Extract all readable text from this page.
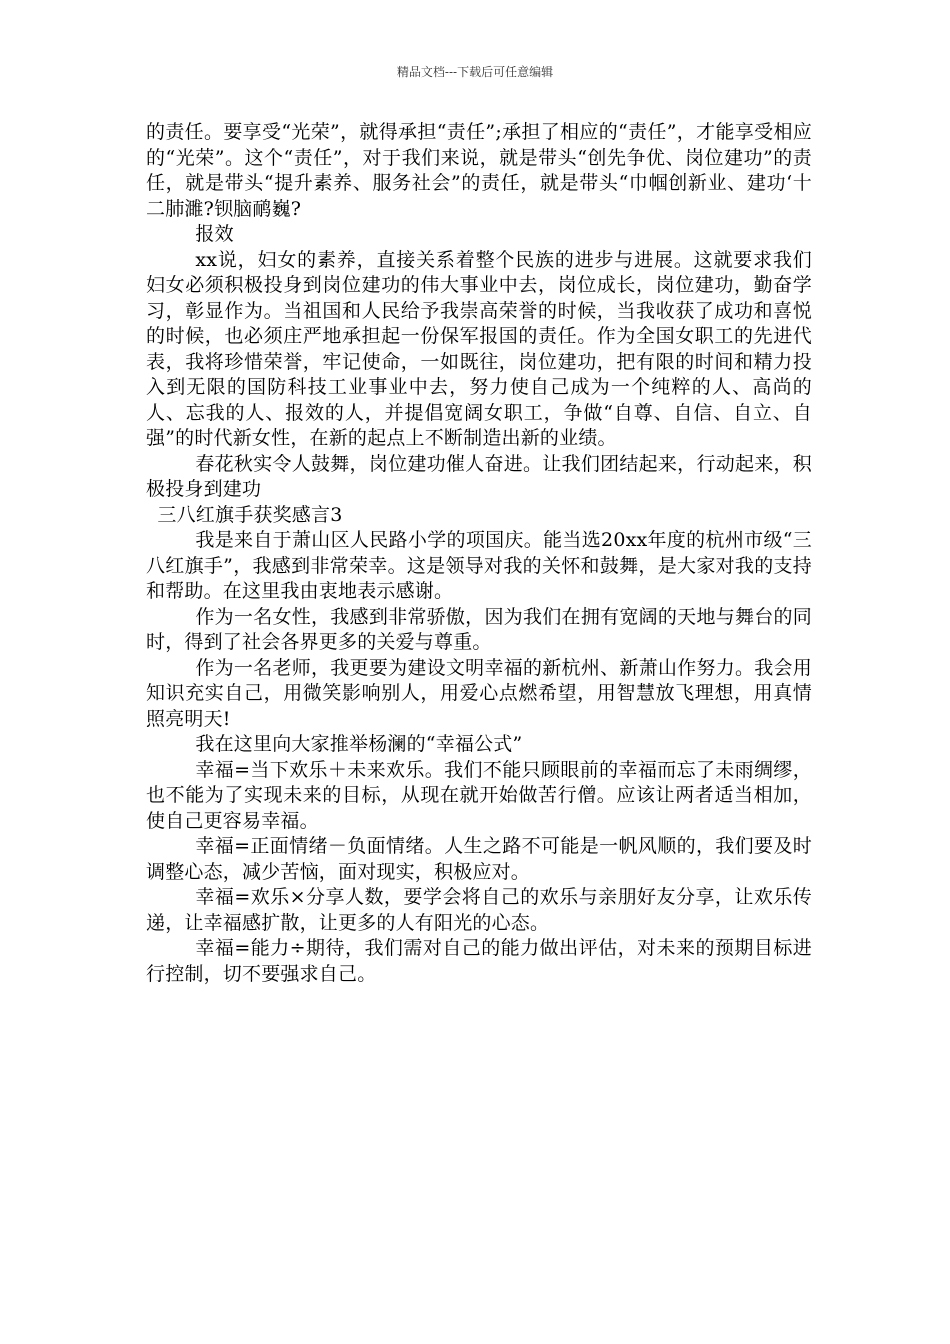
精品文档---下载后可任意编辑

的责任。要享受“光荣”，就得承担“责任”;承担了相应的“责任”，才能享受相应的“光荣”。这个“责任”，对于我们来说，就是带头“创先争优、岗位建功”的责任，就是带头“提升素养、服务社会”的责任，就是带头“巾帼创新业、建功‘十二肺濉?钡脑鸸巍?

报效

xx说，妇女的素养，直接关系着整个民族的进步与进展。这就要求我们妇女必须积极投身到岗位建功的伟大事业中去，岗位成长，岗位建功，勤奋学习，彰显作为。当祖国和人民给予我崇高荣誉的时候，当我收获了成功和喜悦的时候，也必须庄严地承担起一份保军报国的责任。作为全国女职工的先进代表，我将珍惜荣誉，牢记使命，一如既往，岗位建功，把有限的时间和精力投入到无限的国防科技工业事业中去，努力使自己成为一个纯粹的人、高尚的人、忘我的人、报效的人，并提倡宽阔女职工，争做“自尊、自信、自立、自强”的时代新女性，在新的起点上不断制造出新的业绩。

春花秋实令人鼓舞，岗位建功催人奋进。让我们团结起来，行动起来，积极投身到建功

三八红旗手获奖感言3

我是来自于萧山区人民路小学的项国庆。能当选20xx年度的杭州市级“三八红旗手”，我感到非常荣幸。这是领导对我的关怀和鼓舞，是大家对我的支持和帮助。在这里我由衷地表示感谢。

作为一名女性，我感到非常骄傲，因为我们在拥有宽阔的天地与舞台的同时，得到了社会各界更多的关爱与尊重。

作为一名老师，我更要为建设文明幸福的新杭州、新萧山作努力。我会用知识充实自己，用微笑影响别人，用爱心点燃希望，用智慧放飞理想，用真情照亮明天!

我在这里向大家推举杨澜的“幸福公式”

幸福=当下欢乐＋未来欢乐。我们不能只顾眼前的幸福而忘了未雨绸缪，也不能为了实现未来的目标，从现在就开始做苦行僧。应该让两者适当相加，使自己更容易幸福。

幸福=正面情绪－负面情绪。人生之路不可能是一帆风顺的，我们要及时调整心态，减少苦恼，面对现实，积极应对。

幸福=欢乐×分享人数，要学会将自己的欢乐与亲朋好友分享，让欢乐传递，让幸福感扩散，让更多的人有阳光的心态。

幸福=能力÷期待，我们需对自己的能力做出评估，对未来的预期目标进行控制，切不要强求自己。
